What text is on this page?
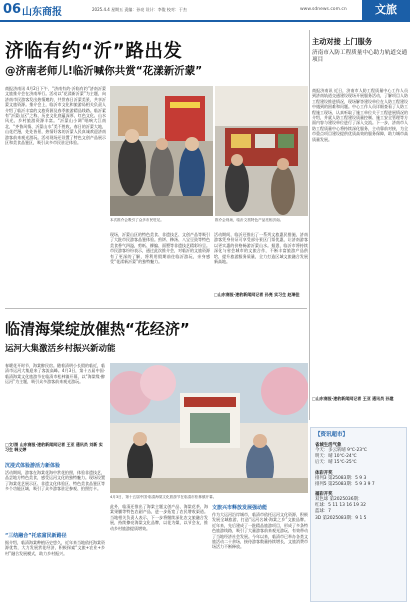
06 山东商报	2025.4.4 星期五 责编：孙亮 设计：李俊 校对：于杰	www.sdnews.com.cn	文旅
济临有约“沂”路出发
@济南老师儿!临沂喊你共赏“花漾新沂蒙”
商报济南讯 4月2日下午，“济南有约·沂临有约”济南沂蒙文旅推介会在济南举行。活动以“花漾新沂蒙”为主题，向济南市民游客发出热情邀约，共赏春日沂蒙美景，共享沂蒙文旅资源。推介会上，临沂市文化和旅游局相关负责人介绍了临沂丰富的文旅资源及春季旅游精品线路。临沂素有“沂蒙山区”之称，历史文化底蕴深厚，红色文化、山水风光、乡村旅游资源丰富。“沂蒙山小调”唱响大江南北，“齐鲁风情、沂蒙山水”美不胜收。春日的沂蒙大地，山花烂漫，处处皆景，热情好客的沂蒙人民真诚欢迎济南游客前来观光游玩。活动现场还设置了特色文创产品展示区和美食品鉴区，吸引众多市民驻足体验。
本次推介会吸引了众多市民驻足。	推介会现场，临沂文旅特色产品亮相济南。
现场，沂蒙山区的特色美食、非遗技艺、文创产品等吸引了大批市民游客品鉴体验。煎饼、糁汤、八宝豆豉等特色美食香气四溢，剪纸、柳编、面塑等非遗技艺精彩纷呈。市民游客纷纷表示，通过此次推介会，对临沂的文旅资源有了更深的了解，将利用假期前往临沂游玩，亲身感受“花漾新沂蒙”的独特魅力。
活动期间，临沂还推出了一系列文旅惠民措施，济南游客凭身份证可享受部分景区门票优惠，让济南游客以更实惠的价格畅游沂蒙山水。据悉，临沂市将持续深化与省会城市的文旅合作，不断丰富旅游产品供给，提升旅游服务质量，全力打造区域文旅融合发展新高地。
□山东商报·速豹新闻网记者 孙亮 实习生 赵瑞佳
主动对接 上门服务
济南市入防工程质量中心助力轨道交通项目
商报济南讯 近日，济南市人防工程质量中心工作人员到济南轨道交通建设现场开展服务活动，了解项目人防工程建设推进情况，现场解答建设单位在人防工程建设中遇到的困难和问题。中心工作人员详细查看了人防工程施工现场，认真听取了施工单位关于工程进展情况的介绍，并就人防工程建设质量控制、施工安全管理等方面内容与建设单位进行了深入交流。下一步，济南市人防工程质量中心将持续深化服务，主动靠前对接，为全市重点项目建设提供优质高效的服务保障，助力城市高质量发展。
□山东商报·速豹新闻网记者 王亚 通讯员 孙建
临清海棠绽放催热“花经济”
运河大集激活乡村振兴新动能
春暖花开时节，海棠醉民宿。随着清明小长假的临近，临清市运河大集迎来了客流高峰。4月3日，第十五届中国·临清海棠文化旅游节在临清市松林镇开幕，以“海棠缘·醉运河”为主题，吸引众多游客前来观光游玩。
□文/图 山东商报·速豹新闻网记者 王亚 通讯员 刘新 实习生 韩义婷
4月3日，第十五届中国·临清海棠文化旅游节在临清市松林镇开幕。
沉浸式体验游活力新体验
活动期间，游客在海棠花海中赏花拍照，体验非遗技艺，品尝地方特色美食，感受运河文化的独特魅力。现场设置了海棠花艺展示区、非遗文化体验区、特色美食品鉴区等多个功能区域，吸引了众多游客驻足参观、拍照打卡。
“三结融合”托底富民新路径
据介绍，临清海棠种植历史悠久，近年来当地依托海棠资源优势，大力发展赏花经济，积极探索“文旅+农业+乡村”融合发展模式，助力乡村振兴。
此外，临清还推出了海棠主题文创产品、海棠花茶、海棠果脯等特色农副产品，进一步拓宽了农民增收渠道。当地相关负责人表示，下一步将继续深化农文旅融合发展，持续擦亮海棠文化品牌，以花为媒，以节会友，推动乡村旅游提质增效。
文旅兴市释放发展强动能
作为大运河沿岸城市，临清市依托运河文化资源，积极发展全域旅游，打造“运河名城·海棠之乡”文旅品牌。近年来，先后建成了一批精品旅游项目，形成了多条特色旅游线路，吸引了大量游客前来观光游玩，有效带动了当地经济社会发展。今年以来，临清市已举办各类文旅活动二十余场，接待游客数量持续增长，文旅消费市场活力不断释放。
【资讯超市】
省城生活气象
今天：多云转晴 9℃-23℃
明天：晴 10℃-24℃
后天：晴 15℃-25℃
体彩开奖
排列3 第25083期：5 9 3
排列5 第25083期：5 9 3 9 7
福彩开奖
双色球 第2025036期：
红球：5 11 13 16 19 32
蓝球：7
3D 第2025083期：9 1 5
